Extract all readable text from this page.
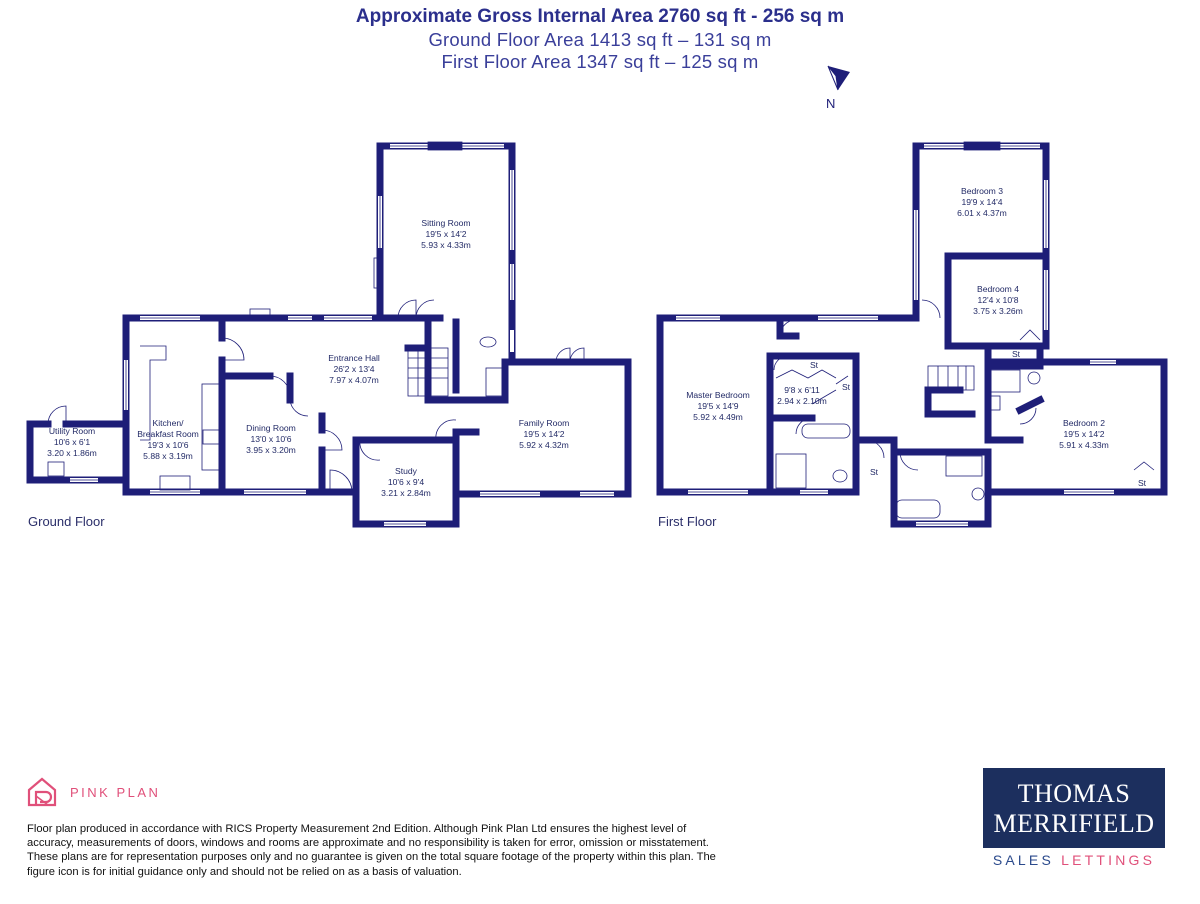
Approximate Gross Internal Area 2760 sq ft - 256 sq m
Ground Floor Area 1413 sq ft – 131 sq m
First Floor Area 1347 sq ft – 125 sq m
N
Sitting Room
19'5 x 14'2
5.93 x 4.33m
Entrance Hall
26'2 x 13'4
7.97 x 4.07m
Kitchen/
Breakfast Room
19'3 x 10'6
5.88 x 3.19m
Utility Room
10'6 x 6'1
3.20 x 1.86m
Dining Room
13'0 x 10'6
3.95 x 3.20m
Study
10'6 x 9'4
3.21 x 2.84m
Family Room
19'5 x 14'2
5.92 x 4.32m
Ground Floor
Bedroom 3
19'9 x 14'4
6.01 x 4.37m
Bedroom 4
12'4 x 10'8
3.75 x 3.26m
Master Bedroom
19'5 x 14'9
5.92 x 4.49m
9'8 x 6'11
2.94 x 2.10m
Bedroom 2
19'5 x 14'2
5.91 x 4.33m
St
St
St
St
St
First Floor
PINK PLAN
Floor plan produced in accordance with RICS Property Measurement 2nd Edition. Although Pink Plan Ltd ensures the highest level of accuracy, measurements of doors, windows and rooms are approximate and no responsibility is taken for error, omission or misstatement. These plans are for representation purposes only and no guarantee is given on the total square footage of the property within this plan. The figure icon is for initial guidance only and should not be relied on as a basis of valuation.
THOMAS
MERRIFIELD
SALES LETTINGS
